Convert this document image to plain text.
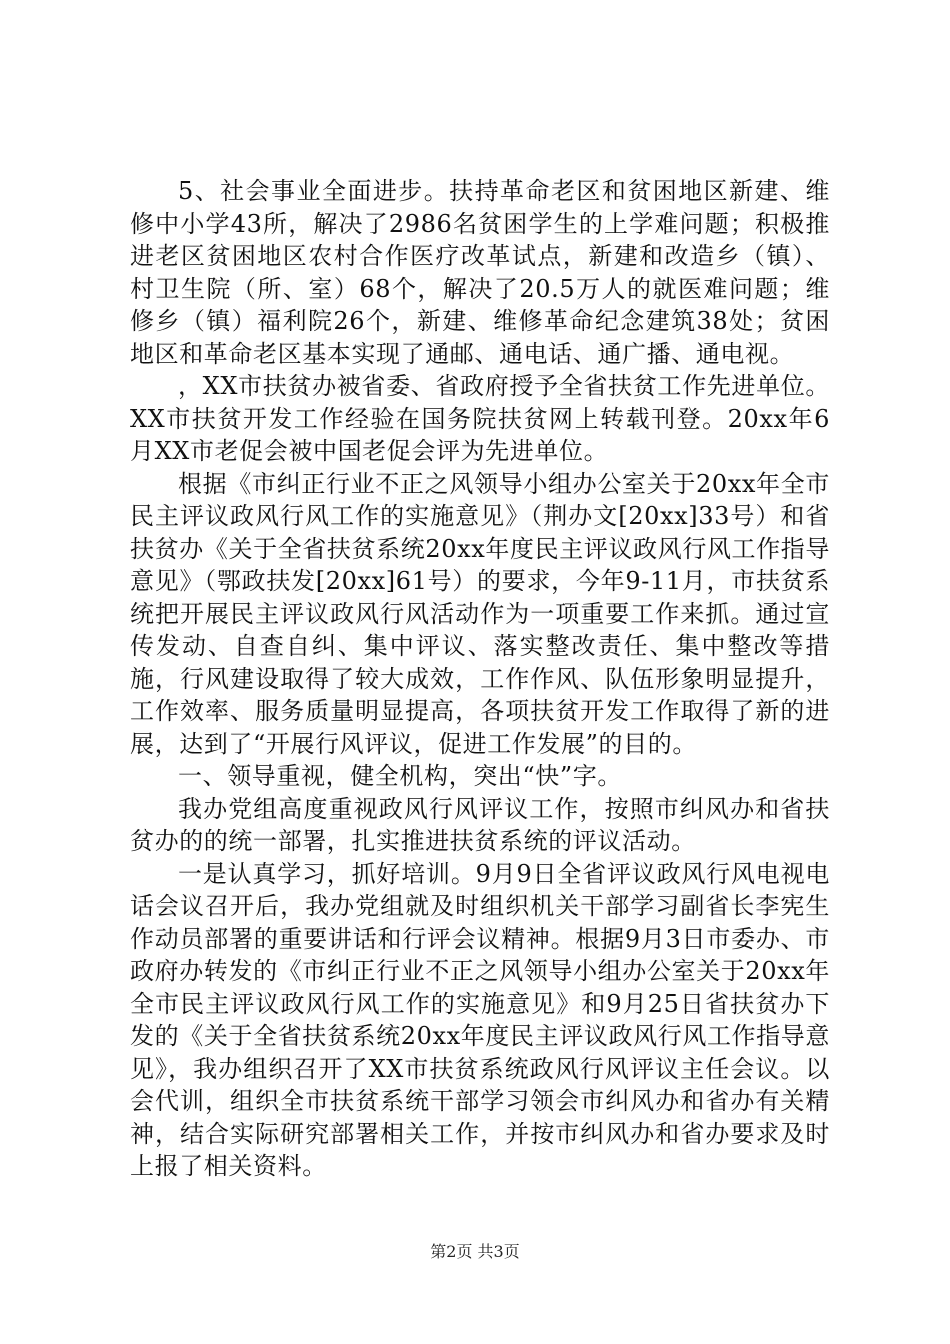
5、社会事业全面进步。扶持革命老区和贫困地区新建、维修中小学43所，解决了2986名贫困学生的上学难问题；积极推进老区贫困地区农村合作医疗改革试点，新建和改造乡（镇）、村卫生院（所、室）68个，解决了20.5万人的就医难问题；维修乡（镇）福利院26个，新建、维修革命纪念建筑38处；贫困地区和革命老区基本实现了通邮、通电话、通广播、通电视。

，XX市扶贫办被省委、省政府授予全省扶贫工作先进单位。XX市扶贫开发工作经验在国务院扶贫网上转载刊登。20xx年6月XX市老促会被中国老促会评为先进单位。

根据《市纠正行业不正之风领导小组办公室关于20xx年全市民主评议政风行风工作的实施意见》（荆办文[20xx]33号）和省扶贫办《关于全省扶贫系统20xx年度民主评议政风行风工作指导意见》（鄂政扶发[20xx]61号）的要求，今年9-11月，市扶贫系统把开展民主评议政风行风活动作为一项重要工作来抓。通过宣传发动、自查自纠、集中评议、落实整改责任、集中整改等措施，行风建设取得了较大成效，工作作风、队伍形象明显提升，工作效率、服务质量明显提高，各项扶贫开发工作取得了新的进展，达到了“开展行风评议，促进工作发展”的目的。

一、领导重视，健全机构，突出“快”字。

我办党组高度重视政风行风评议工作，按照市纠风办和省扶贫办的的统一部署，扎实推进扶贫系统的评议活动。

一是认真学习，抓好培训。9月9日全省评议政风行风电视电话会议召开后，我办党组就及时组织机关干部学习副省长李宪生作动员部署的重要讲话和行评会议精神。根据9月3日市委办、市政府办转发的《市纠正行业不正之风领导小组办公室关于20xx年全市民主评议政风行风工作的实施意见》和9月25日省扶贫办下发的《关于全省扶贫系统20xx年度民主评议政风行风工作指导意见》，我办组织召开了XX市扶贫系统政风行风评议主任会议。以会代训，组织全市扶贫系统干部学习领会市纠风办和省办有关精神，结合实际研究部署相关工作，并按市纠风办和省办要求及时上报了相关资料。

第2页 共3页
